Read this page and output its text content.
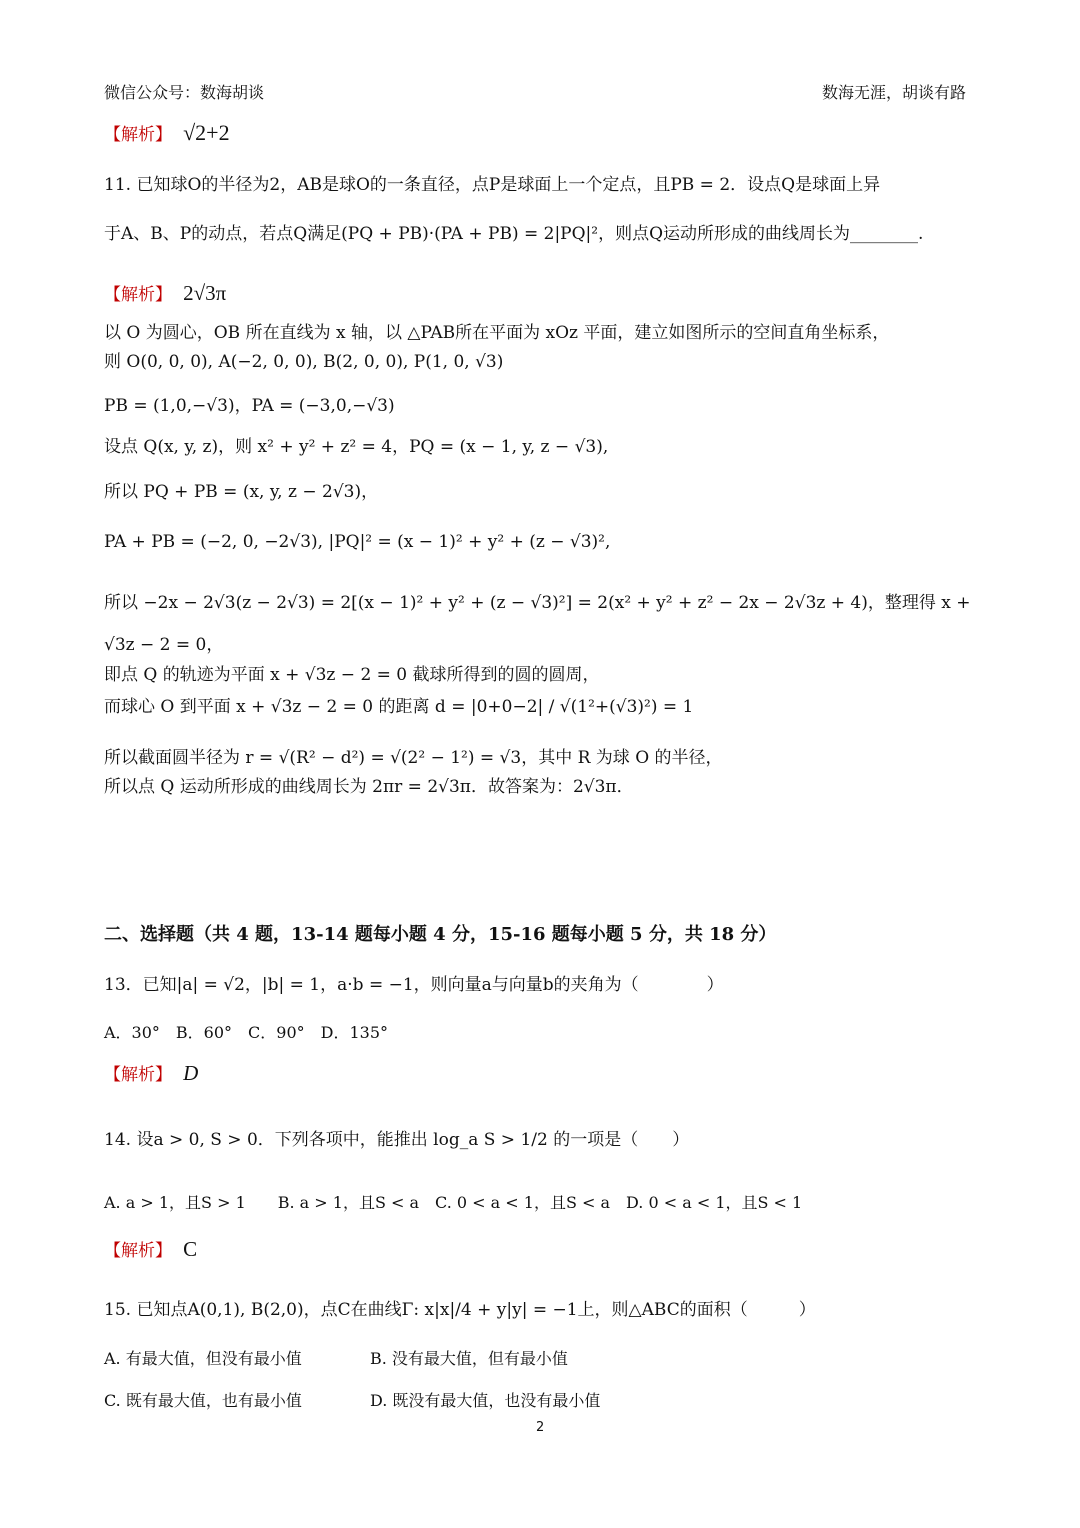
微信公众号：数海胡谈	数海无涯，胡谈有路
【解析】 √2+2
11. 已知球O的半径为2，AB是球O的一条直径，点P是球面上一个定点，且PB = 2．设点Q是球面上异
于A、B、P的动点，若点Q满足(PQ + PB)·(PA + PB) = 2|PQ|²，则点Q运动所形成的曲线周长为________.
【解析】 2√3π
以 O 为圆心，OB 所在直线为 x 轴，以 △PAB所在平面为 xOz 平面，建立如图所示的空间直角坐标系，
则 O(0, 0, 0), A(−2, 0, 0), B(2, 0, 0), P(1, 0, √3)
PB = (1,0,−√3)，PA = (−3,0,−√3)
设点 Q(x, y, z)，则 x² + y² + z² = 4，PQ = (x − 1, y, z − √3),
所以 PQ + PB = (x, y, z − 2√3)，
PA + PB = (−2, 0, −2√3), |PQ|² = (x − 1)² + y² + (z − √3)²,
所以 −2x − 2√3(z − 2√3) = 2[(x − 1)² + y² + (z − √3)²] = 2(x² + y² + z² − 2x − 2√3z + 4)，整理得 x +
√3z − 2 = 0，
即点 Q 的轨迹为平面 x + √3z − 2 = 0 截球所得到的圆的圆周，
而球心 O 到平面 x + √3z − 2 = 0 的距离 d = |0+0−2| / √(1²+(√3)²) = 1
所以截面圆半径为 r = √(R² − d²) = √(2² − 1²) = √3，其中 R 为球 O 的半径，
所以点 Q 运动所形成的曲线周长为 2πr = 2√3π．故答案为：2√3π．
二、选择题（共 4 题，13-14 题每小题 4 分，15-16 题每小题 5 分，共 18 分）
13．已知|a| = √2，|b| = 1，a·b = −1，则向量a与向量b的夹角为（　　　　）
A．30°　B．60°　C．90°　D．135°
【解析】 D
14. 设a > 0, S > 0．下列各项中，能推出 log_a S > 1/2 的一项是（　　）
A. a > 1，且S > 1　　B. a > 1，且S < a　C. 0 < a < 1，且S < a　D. 0 < a < 1，且S < 1
【解析】 C
15. 已知点A(0,1), B(2,0)，点C在曲线Γ: x|x|/4 + y|y| = −1上，则△ABC的面积（　　　）
A. 有最大值，但没有最小值	B. 没有最大值，但有最小值
C. 既有最大值，也有最小值	D. 既没有最大值，也没有最小值
2
